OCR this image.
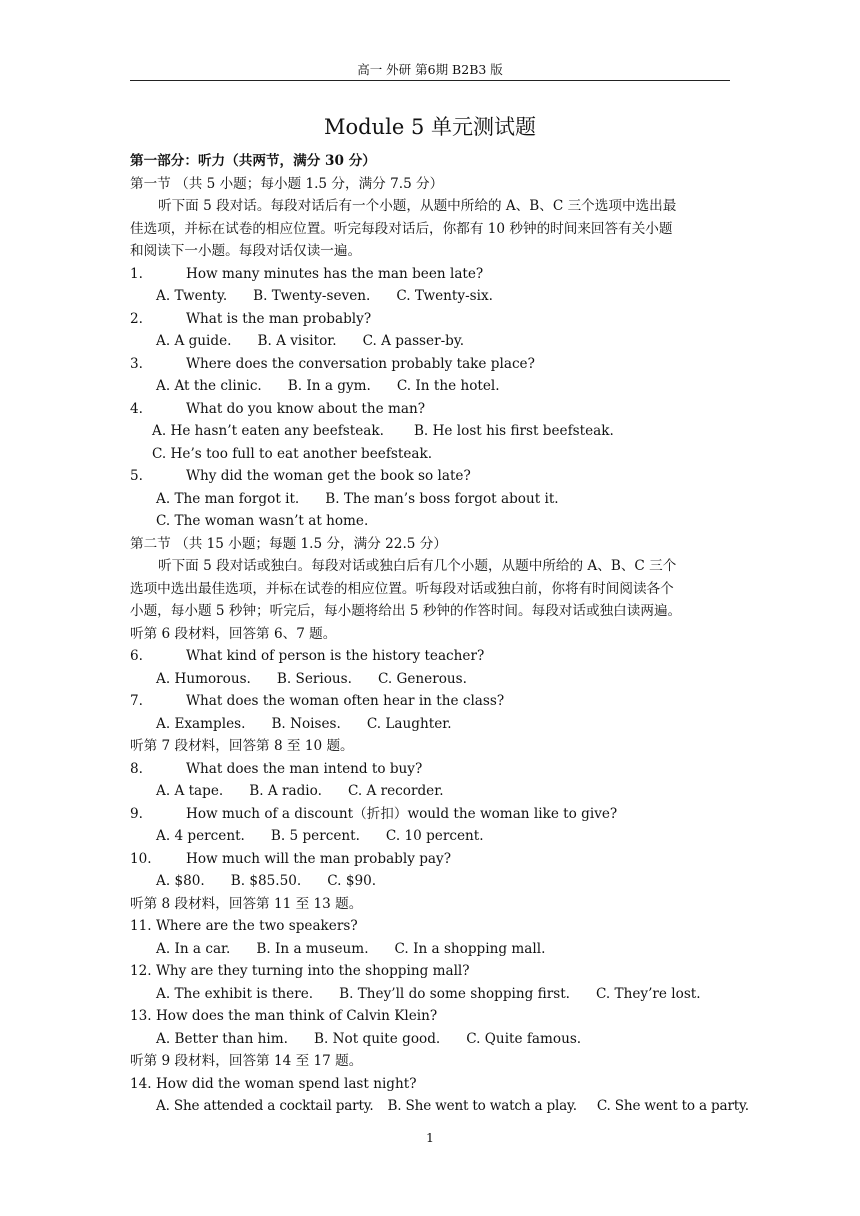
高一 外研 第6期 B2B3 版
Module 5 单元测试题
第一部分：听力（共两节，满分 30 分）
第一节 （共 5 小题；每小题 1.5 分，满分 7.5 分）
听下面 5 段对话。每段对话后有一个小题，从题中所给的 A、B、C 三个选项中选出最
佳选项，并标在试卷的相应位置。听完每段对话后，你都有 10 秒钟的时间来回答有关小题
和阅读下一小题。每段对话仅读一遍。
1.	How many minutes has the man been late?
A. Twenty. B. Twenty-seven. C. Twenty-six.
2.	What is the man probably?
A. A guide. B. A visitor. C. A passer-by.
3.	Where does the conversation probably take place?
A. At the clinic. B. In a gym. C. In the hotel.
4.	What do you know about the man?
A. He hasn’t eaten any beefsteak. B. He lost his first beefsteak.
C. He’s too full to eat another beefsteak.
5.	Why did the woman get the book so late?
A. The man forgot it. B. The man’s boss forgot about it.
C. The woman wasn’t at home.
第二节 （共 15 小题；每题 1.5 分，满分 22.5 分）
听下面 5 段对话或独白。每段对话或独白后有几个小题，从题中所给的 A、B、C 三个
选项中选出最佳选项，并标在试卷的相应位置。听每段对话或独白前，你将有时间阅读各个
小题，每小题 5 秒钟；听完后，每小题将给出 5 秒钟的作答时间。每段对话或独白读两遍。
听第 6 段材料，回答第 6、7 题。
6.	What kind of person is the history teacher?
A. Humorous. B. Serious. C. Generous.
7.	What does the woman often hear in the class?
A. Examples. B. Noises. C. Laughter.
听第 7 段材料，回答第 8 至 10 题。
8.	What does the man intend to buy?
A. A tape. B. A radio. C. A recorder.
9.	How much of a discount（折扣）would the woman like to give?
A. 4 percent. B. 5 percent. C. 10 percent.
10.	How much will the man probably pay?
A. $80. B. $85.50. C. $90.
听第 8 段材料，回答第 11 至 13 题。
11. Where are the two speakers?
A. In a car. B. In a museum. C. In a shopping mall.
12. Why are they turning into the shopping mall?
A. The exhibit is there. B. They’ll do some shopping first. C. They’re lost.
13. How does the man think of Calvin Klein?
A. Better than him. B. Not quite good. C. Quite famous.
听第 9 段材料，回答第 14 至 17 题。
14. How did the woman spend last night?
A. She attended a cocktail party. B. She went to watch a play. C. She went to a party.
1
